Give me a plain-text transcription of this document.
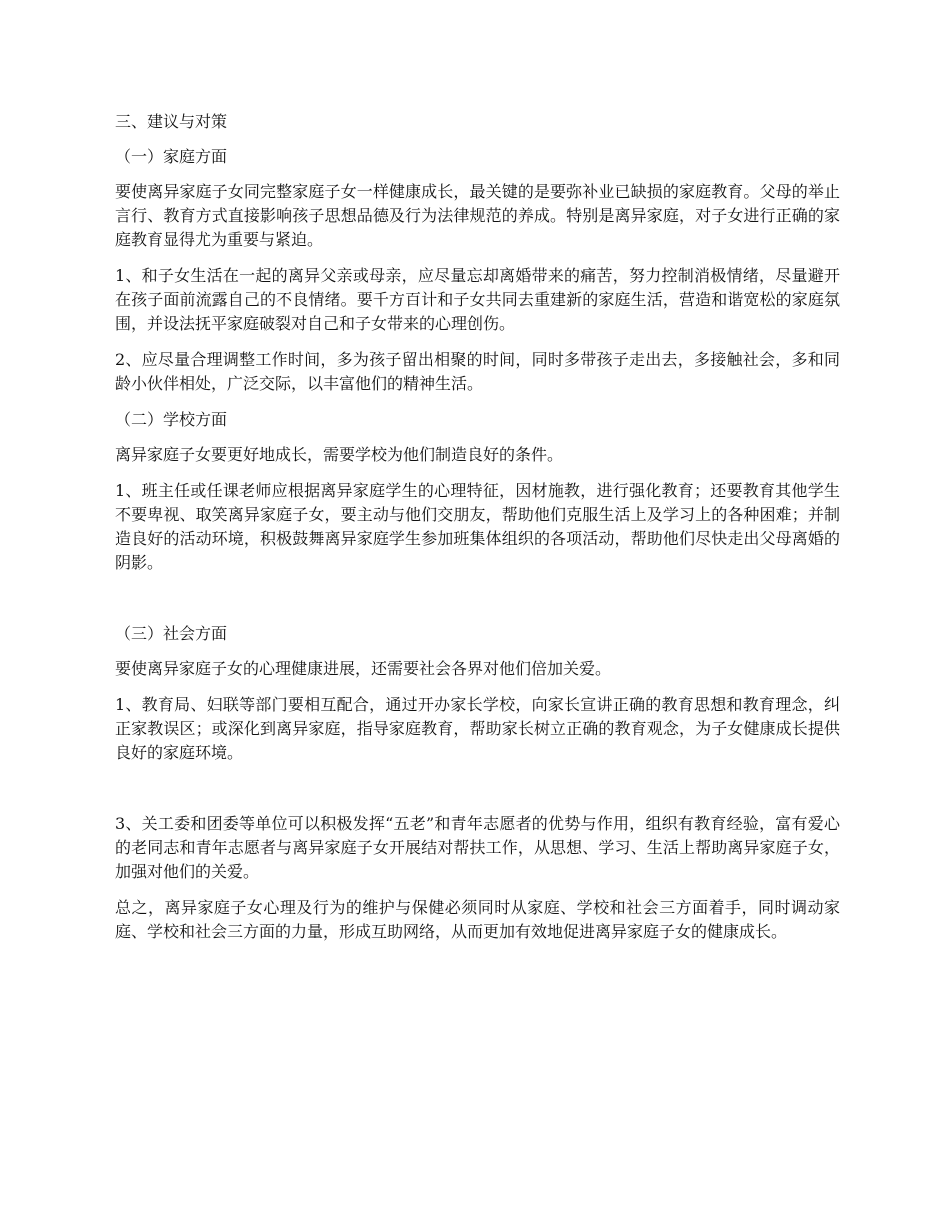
三、建议与对策

（一）家庭方面

要使离异家庭子女同完整家庭子女一样健康成长，最关键的是要弥补业已缺损的家庭教育。父母的举止言行、教育方式直接影响孩子思想品德及行为法律规范的养成。特别是离异家庭，对子女进行正确的家庭教育显得尤为重要与紧迫。

1、和子女生活在一起的离异父亲或母亲，应尽量忘却离婚带来的痛苦，努力控制消极情绪，尽量避开在孩子面前流露自己的不良情绪。要千方百计和子女共同去重建新的家庭生活，营造和谐宽松的家庭氛围，并设法抚平家庭破裂对自己和子女带来的心理创伤。

2、应尽量合理调整工作时间，多为孩子留出相聚的时间，同时多带孩子走出去，多接触社会，多和同龄小伙伴相处，广泛交际，以丰富他们的精神生活。

（二）学校方面

离异家庭子女要更好地成长，需要学校为他们制造良好的条件。

1、班主任或任课老师应根据离异家庭学生的心理特征，因材施教，进行强化教育；还要教育其他学生不要卑视、取笑离异家庭子女，要主动与他们交朋友，帮助他们克服生活上及学习上的各种困难；并制造良好的活动环境，积极鼓舞离异家庭学生参加班集体组织的各项活动，帮助他们尽快走出父母离婚的阴影。

（三）社会方面

要使离异家庭子女的心理健康进展，还需要社会各界对他们倍加关爱。

1、教育局、妇联等部门要相互配合，通过开办家长学校，向家长宣讲正确的教育思想和教育理念，纠正家教误区；或深化到离异家庭，指导家庭教育，帮助家长树立正确的教育观念，为子女健康成长提供良好的家庭环境。

3、关工委和团委等单位可以积极发挥“五老”和青年志愿者的优势与作用，组织有教育经验，富有爱心的老同志和青年志愿者与离异家庭子女开展结对帮扶工作，从思想、学习、生活上帮助离异家庭子女，加强对他们的关爱。

总之，离异家庭子女心理及行为的维护与保健必须同时从家庭、学校和社会三方面着手，同时调动家庭、学校和社会三方面的力量，形成互助网络，从而更加有效地促进离异家庭子女的健康成长。
